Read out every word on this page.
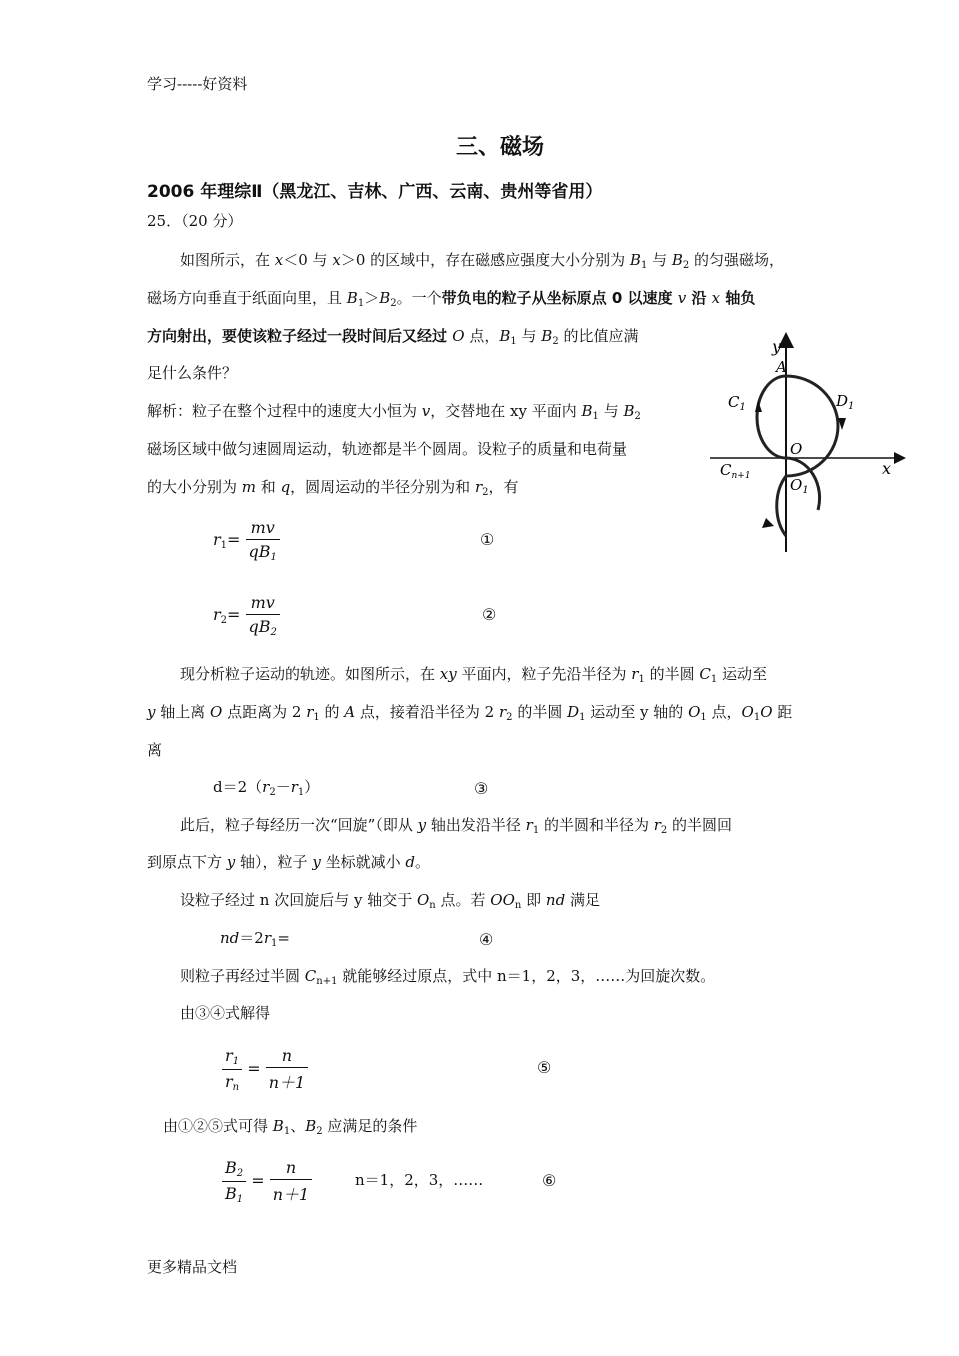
学习-----好资料
三、磁场
2006 年理综Ⅱ（黑龙江、吉林、广西、云南、贵州等省用）
25．（20 分）
如图所示，在 x＜0 与 x＞0 的区域中，存在磁感应强度大小分别为 $B_1$ 与 $B_2$ 的匀强磁场，
磁场方向垂直于纸面向里，且 $B_1>B_2$。一个带负电的粒子从坐标原点 0 以速度 v 沿 x 轴负
方向射出，要使该粒子经过一段时间后又经过 O 点，$B_1$ 与 $B_2$ 的比值应满
足什么条件？
解析：粒子在整个过程中的速度大小恒为 v，交替地在 xy 平面内 $B_1$ 与 $B_2$
磁场区域中做匀速圆周运动，轨迹都是半个圆周。设粒子的质量和电荷量
的大小分别为 m 和 q，圆周运动的半径分别为和 $r_2$，有
$r_1= \frac{mv}{qB_1}$	①
$r_2= \frac{mv}{qB_2}$	②
y
x
A
$C_1$	$D_1$
O
$C_{n+1}$	$O_1$
现分析粒子运动的轨迹。如图所示，在 xy 平面内，粒子先沿半径为 $r_1$ 的半圆 $C_1$ 运动至
y 轴上离 O 点距离为 2 $r_1$ 的 A 点，接着沿半径为 2 $r_2$ 的半圆 $D_1$ 运动至 y 轴的 $O_1$ 点，$O_1O$ 距
离
$d=2(r_2-r_1)$	③
此后，粒子每经历一次“回旋”（即从 y 轴出发沿半径 $r_1$ 的半圆和半径为 $r_2$ 的半圆回
到原点下方 y 轴），粒子 y 坐标就减小 d。
设粒子经过 n 次回旋后与 y 轴交于 $O_n$ 点。若 $OO_n$ 即 nd 满足
$nd=2r_1=$	④
则粒子再经过半圆 $C_{n+1}$ 就能够经过原点，式中 n＝1，2，3，……为回旋次数。
由③④式解得
$\frac{r_1}{r_n} = \frac{n}{n+1}$	⑤
由①②⑤式可得 $B_1$、$B_2$ 应满足的条件
$\frac{B_2}{B_1} = \frac{n}{n+1}$	n＝1，2，3，……	⑥
更多精品文档
